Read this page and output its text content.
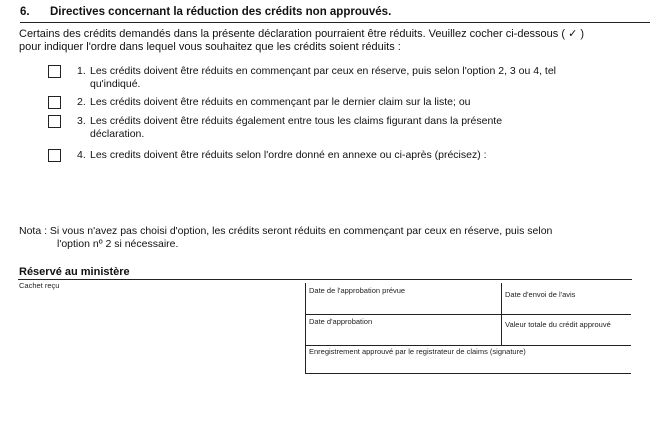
6. Directives concernant la réduction des crédits non approuvés.
Certains des crédits demandés dans la présente déclaration pourraient être réduits. Veuillez cocher ci-dessous ( ✓ )
pour indiquer l'ordre dans lequel vous souhaitez que les crédits soient réduits :
1. Les crédits doivent être réduits en commençant par ceux en réserve, puis selon l'option 2, 3 ou 4, tel
qu'indiqué.
2. Les crédits doivent être réduits en commençant par le dernier claim sur la liste; ou
3. Les crédits doivent être réduits également entre tous les claims figurant dans la présente
déclaration.
4. Les credits doivent être réduits selon l'ordre donné en annexe ou ci-après (précisez) :
Nota : Si vous n'avez pas choisi d'option, les crédits seront réduits en commençant par ceux en réserve, puis selon
l'option nº 2 si nécessaire.
Réservé au ministère
Cachet reçu
Date de l'approbation prévue	Date d'envoi de l'avis
Date d'approbation	Valeur totale du crédit approuvé
Enregistrement approuvé par le registrateur de claims (signature)
